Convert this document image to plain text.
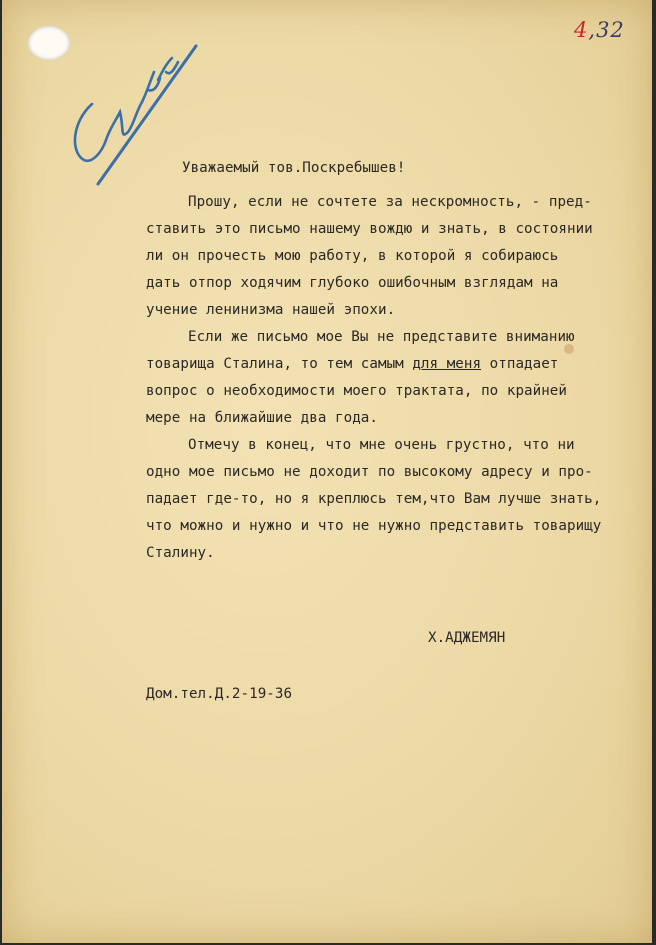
4,32

Уважаемый тов.Поскребышев!

Прошу, если не сочтете за нескромность, - пред-

ставить это письмо нашему вождю и знать, в состоянии

ли он прочесть мою работу, в которой я собираюсь

дать отпор ходячим глубоко ошибочным взглядам на

учение ленинизма нашей эпохи.

Если же письмо мое Вы не представите вниманию

товарища Сталина, то тем самым для меня отпадает

вопрос о необходимости моего трактата, по крайней

мере на ближайшие два года.

Отмечу в конец, что мне очень грустно, что ни

одно мое письмо не доходит по высокому адресу и про-

падает где-то, но я креплюсь тем,что Вам лучше знать,

что можно и нужно и что не нужно представить товарищу

Сталину.

Х.АДЖЕМЯН

Дом.тел.Д.2-19-36
